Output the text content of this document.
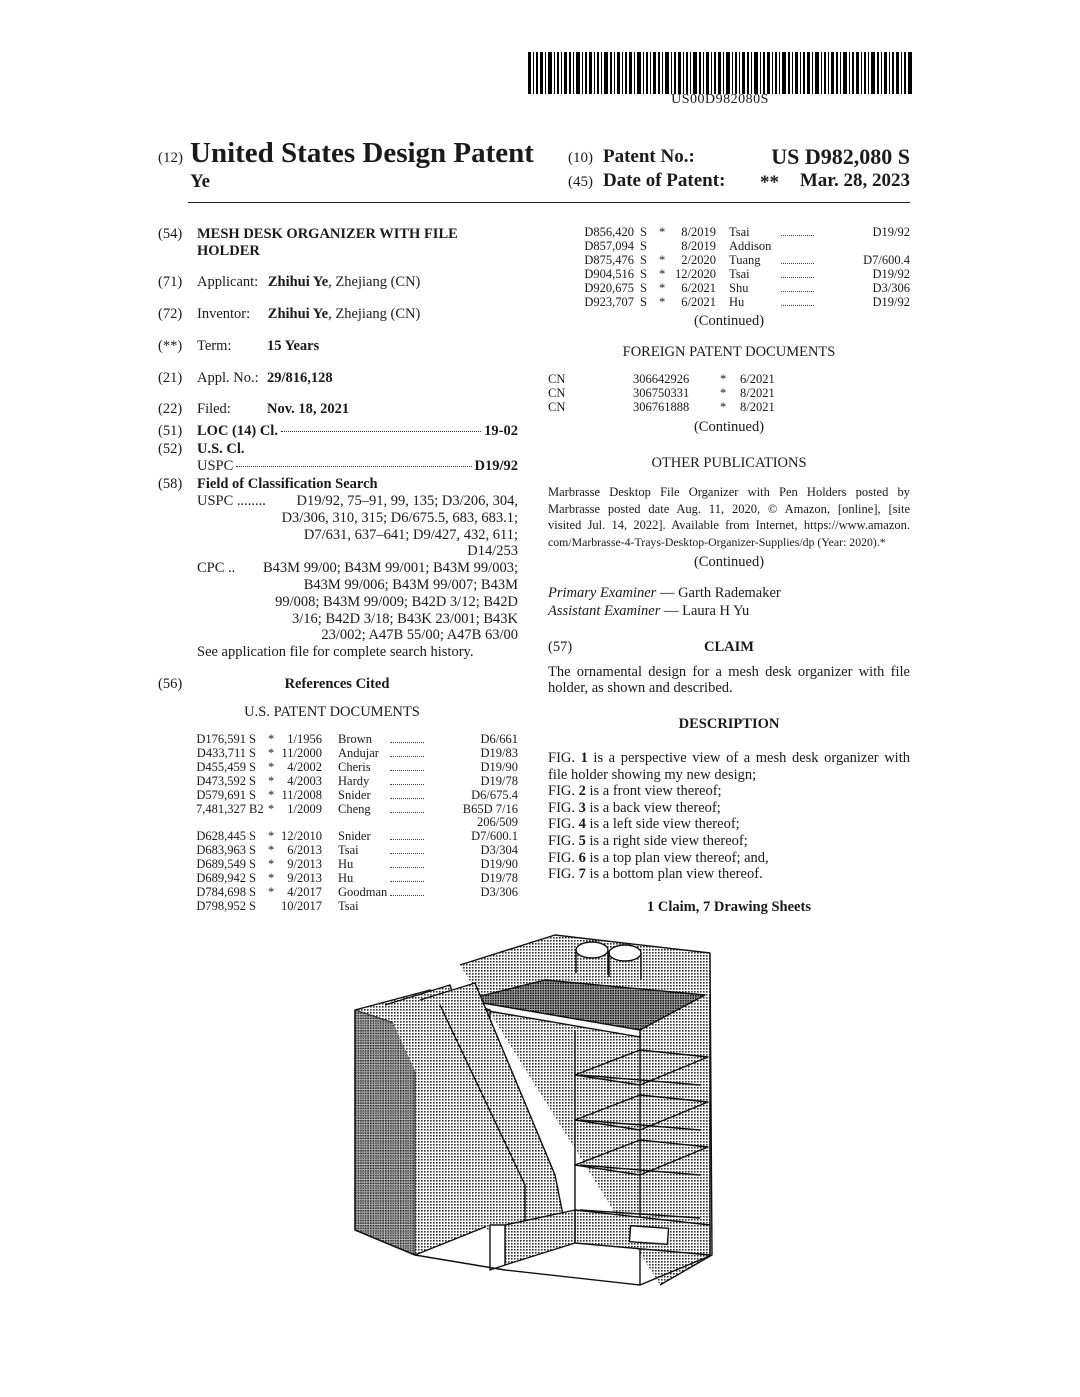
US00D982080S
(12) United States Design Patent
Ye
(10) Patent No.:	US D982,080 S
(45) Date of Patent: **	Mar. 28, 2023
(54) MESH DESK ORGANIZER WITH FILE
HOLDER
(71) Applicant: Zhihui Ye, Zhejiang (CN)
(72) Inventor: Zhihui Ye, Zhejiang (CN)
(**) Term: 15 Years
(21) Appl. No.: 29/816,128
(22) Filed: Nov. 18, 2021
(51) LOC (14) Cl.	19-02
(52) U.S. Cl.
USPC	D19/92
(58) Field of Classification Search
USPC ........	D19/92, 75–91, 99, 135; D3/206, 304,
D3/306, 310, 315; D6/675.5, 683, 683.1;
D7/631, 637–641; D9/427, 432, 611;
D14/253
CPC ..	B43M 99/00; B43M 99/001; B43M 99/003;
B43M 99/006; B43M 99/007; B43M
99/008; B43M 99/009; B42D 3/12; B42D
3/16; B42D 3/18; B43K 23/001; B43K
23/002; A47B 55/00; A47B 63/00
See application file for complete search history.
(56)	References Cited
U.S. PATENT DOCUMENTS
D176,591 S *	1/1956 Brown	D6/661
D433,711 S * 11/2000 Andujar	D19/83
D455,459 S *	4/2002 Cheris	D19/90
D473,592 S *	4/2003 Hardy	D19/78
D579,691 S * 11/2008 Snider	D6/675.4
7,481,327 B2 *	1/2009 Cheng	B65D 7/16
206/509
D628,445 S * 12/2010 Snider	D7/600.1
D683,963 S *	6/2013 Tsai	D3/304
D689,549 S *	9/2013 Hu	D19/90
D689,942 S *	9/2013 Hu	D19/78
D784,698 S *	4/2017 Goodman	D3/306
D798,952 S 10/2017 Tsai
D856,420 S *	8/2019 Tsai	D19/92
D857,094 S	8/2019 Addison
D875,476 S *	2/2020 Tuang	D7/600.4
D904,516 S * 12/2020 Tsai	D19/92
D920,675 S *	6/2021 Shu	D3/306
D923,707 S *	6/2021 Hu	D19/92
(Continued)
FOREIGN PATENT DOCUMENTS
CN	306642926 * 6/2021
CN	306750331 * 8/2021
CN	306761888 * 8/2021
(Continued)
OTHER PUBLICATIONS
Marbrasse Desktop File Organizer with Pen Holders posted by
Marbrasse posted date Aug. 11, 2020, © Amazon, [online], [site
visited Jul. 14, 2022]. Available from Internet, https://www.amazon.
com/Marbrasse-4-Trays-Desktop-Organizer-Supplies/dp (Year: 2020).*
(Continued)
Primary Examiner — Garth Rademaker
Assistant Examiner — Laura H Yu
(57)	CLAIM
The ornamental design for a mesh desk organizer with file
holder, as shown and described.
DESCRIPTION
FIG. 1 is a perspective view of a mesh desk organizer with
file holder showing my new design;
FIG. 2 is a front view thereof;
FIG. 3 is a back view thereof;
FIG. 4 is a left side view thereof;
FIG. 5 is a right side view thereof;
FIG. 6 is a top plan view thereof; and,
FIG. 7 is a bottom plan view thereof.
1 Claim, 7 Drawing Sheets
